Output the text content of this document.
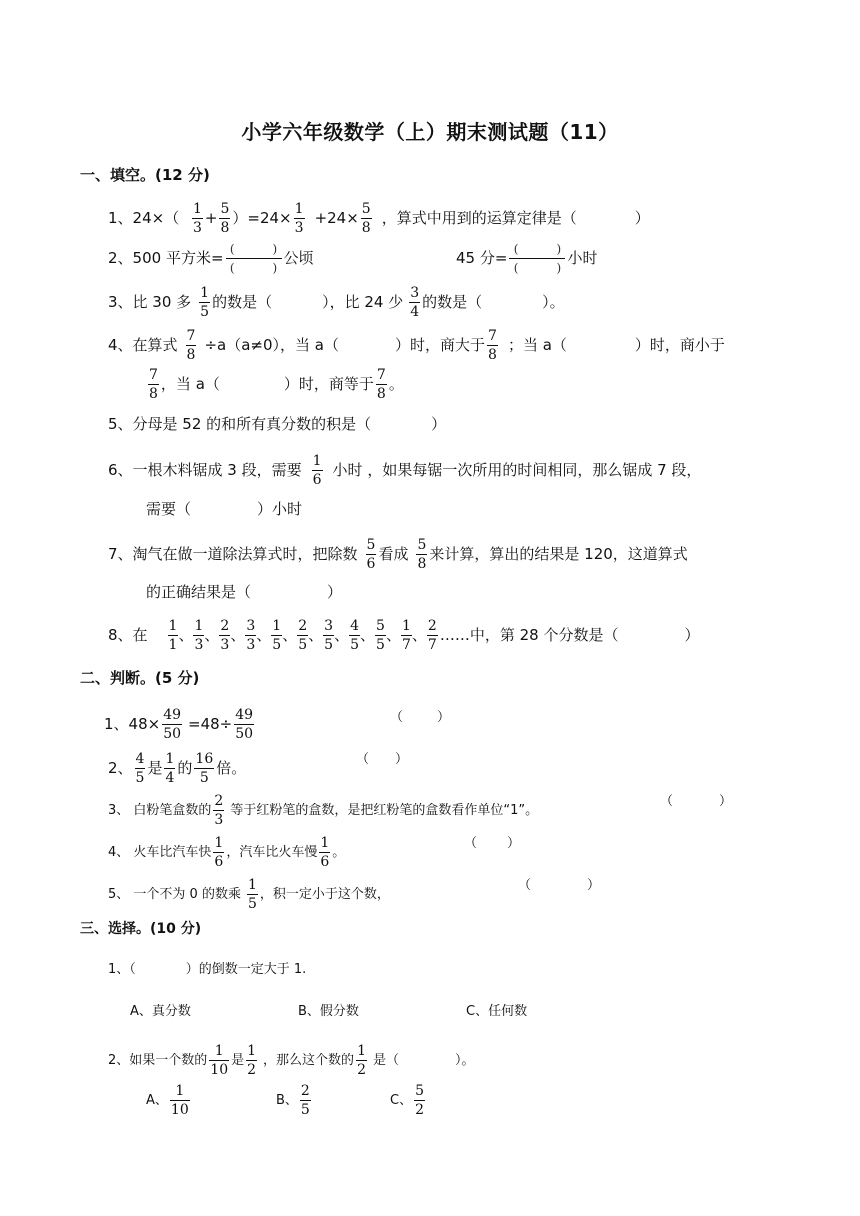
小学六年级数学（上）期末测试题（11）
一、填空。(12 分)
1、$24\times( \frac{1}{3} + \frac{5}{8} )=24\times \frac{1}{3} +24\times \frac{5}{8}$ ，算式中用到的运算定律是（	）
2、500 平方米= (	)
(	) 公顷	45 分= (	)
(	) 小时
3、比 30 多 $\frac{1}{5}$ 的数是（	），比 24 少 $\frac{3}{4}$ 的数是（	）。
4、在算式 $\frac{7}{8} \div a(a\ne 0)$，当 a（	）时，商大于 $\frac{7}{8}$ ；当 a（	）时，商小于
$\frac{7}{8}$ ，当 a（	）时，商等于 $\frac{7}{8}$ 。
5、分母是 52 的和所有真分数的积是（	）
6、一根木料锯成 3 段，需要 $\frac{1}{6}$ 小时 ，如果每锯一次所用的时间相同，那么锯成 7 段，
需要（	）小时
7、淘气在做一道除法算式时，把除数 $\frac{5}{6}$ 看成 $\frac{5}{8}$ 来计算，算出的结果是 120，这道算式
的正确结果是（	）
8、在 $\frac{1}{1}$ 、 $\frac{1}{3}$ 、 $\frac{2}{3}$ 、 $\frac{3}{3}$ 、 $\frac{1}{5}$ 、 $\frac{2}{5}$ 、 $\frac{3}{5}$ 、 $\frac{4}{5}$ 、 $\frac{5}{5}$ 、 $\frac{1}{7}$ 、 $\frac{2}{7}$ ……中，第 28 个分数是（	）
二、判断。(5 分)
1、$48\times \frac{49}{50} =48\div \frac{49}{50}$	（	）
2、 $\frac{4}{5}$ 是 $\frac{1}{4}$ 的 $\frac{16}{5}$ 倍。	（ ）
3、 白粉笔盒数的 $\frac{2}{3}$ 等于红粉笔的盒数，是把红粉笔的盒数看作单位“1”。
（	）
4、 火车比汽车快 $\frac{1}{6}$ ，汽车比火车慢 $\frac{1}{6}$ 。
（ ）
5、 一个不为 0 的数乘 $\frac{1}{5}$ ，积一定小于这个数，
（	）
三、选择。(10 分)
1、（	）的倒数一定大于 1.
A、真分数	B、假分数	C、任何数
2、如果一个数的 $\frac{1}{10}$ 是 $\frac{1}{2}$ ，那么这个数的 $\frac{1}{2}$ 是（	）。
A、 $\frac{1}{10}$	B、 $\frac{2}{5}$	C、 $\frac{5}{2}$
